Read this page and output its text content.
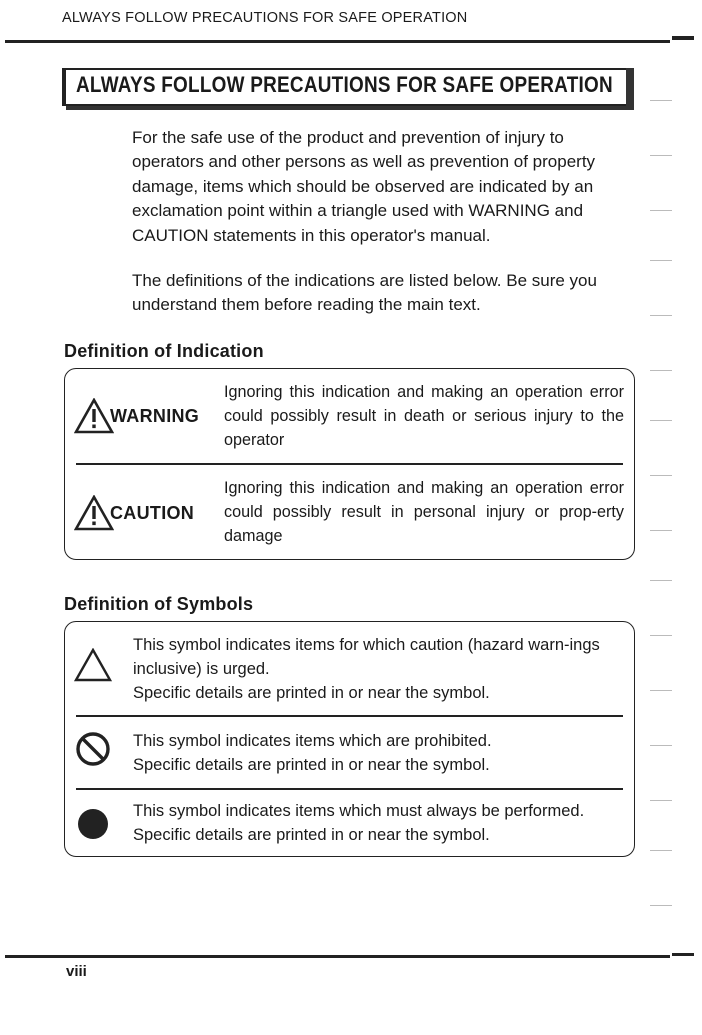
ALWAYS FOLLOW PRECAUTIONS FOR SAFE OPERATION
ALWAYS FOLLOW PRECAUTIONS FOR SAFE OPERATION
For the safe use of the product and prevention of injury to operators and other persons as well as prevention of property damage, items which should be observed are indicated by an exclamation point within a triangle used with WARNING and CAUTION statements in this operator's manual.
The definitions of the indications are listed below. Be sure you understand them before reading the main text.
Definition of Indication
WARNING
Ignoring this indication and making an operation error could possibly result in death or serious injury to the operator
CAUTION
Ignoring this indication and making an operation error could possibly result in personal injury or prop-erty damage
Definition of Symbols
This symbol indicates items for which caution (hazard warn-ings inclusive) is urged.
Specific details are printed in or near the symbol.
This symbol indicates items which are prohibited.
Specific details are printed in or near the symbol.
This symbol indicates items which must always be performed.
Specific details are printed in or near the symbol.
viii
